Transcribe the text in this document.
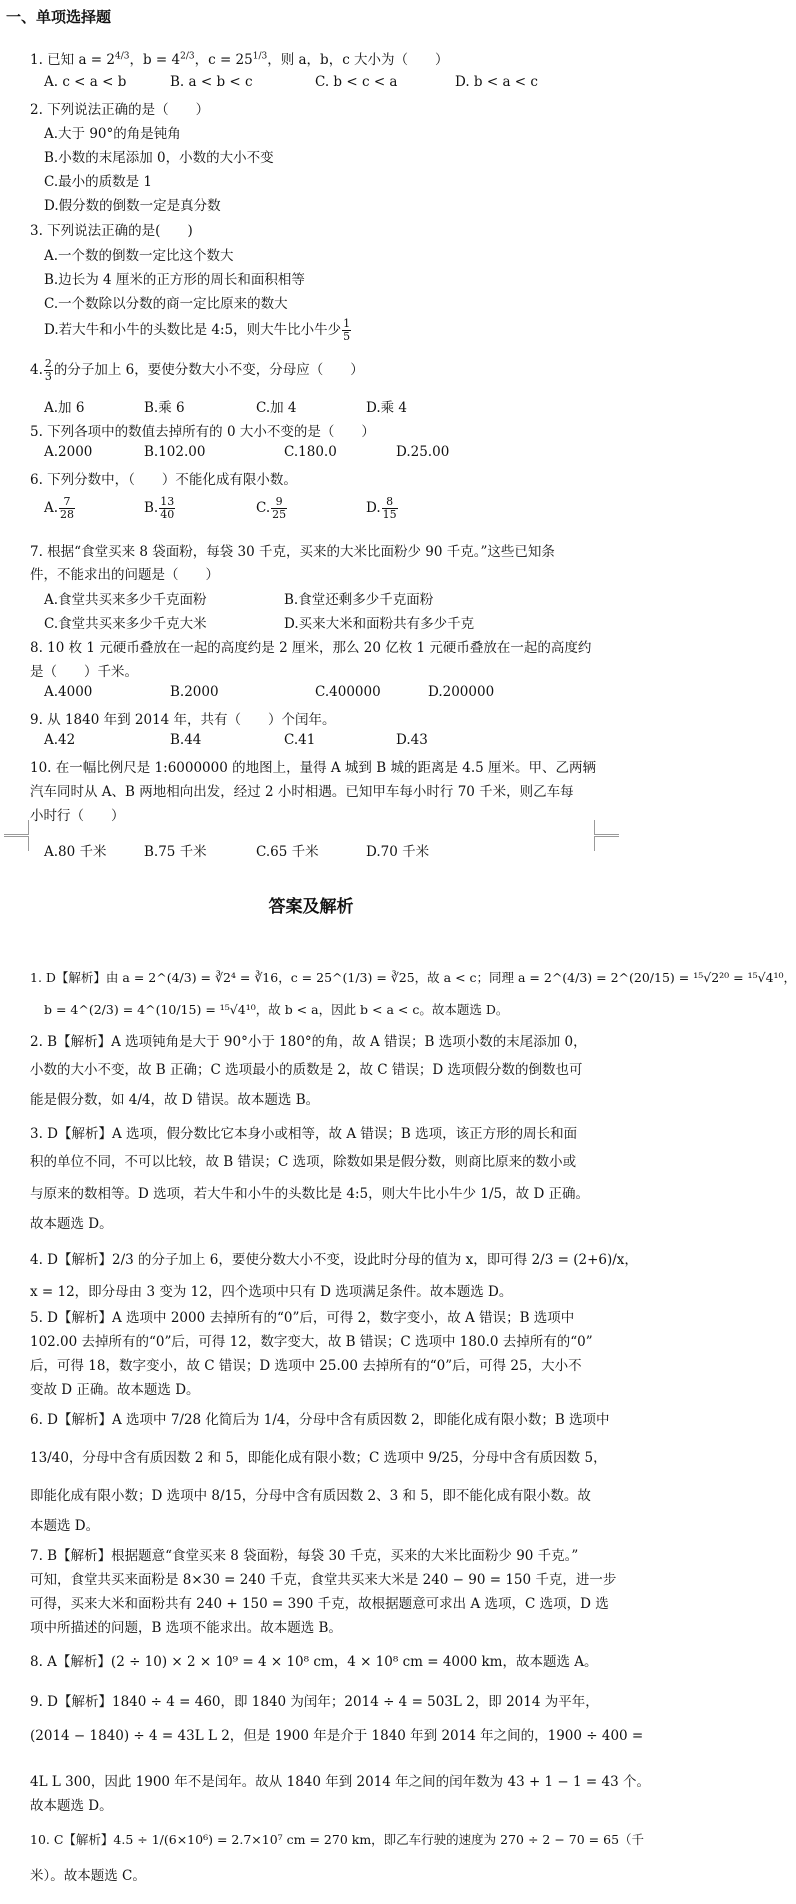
一、单项选择题
1. 已知 $a = 2^{4/3}$，$b = 4^{2/3}$，$c = 25^{1/3}$，则 a，b，c 大小为（　　）
A. c < a < b	B. a < b < c	C. b < c < a	D. b < a < c
2. 下列说法正确的是（　　）
A.大于 90°的角是钝角
B.小数的末尾添加 0，小数的大小不变
C.最小的质数是 1
D.假分数的倒数一定是真分数
3. 下列说法正确的是(　　)
A.一个数的倒数一定比这个数大
B.边长为 4 厘米的正方形的周长和面积相等
C.一个数除以分数的商一定比原来的数大
D.若大牛和小牛的头数比是 4:5，则大牛比小牛少 $\frac{1}{5}$
4. $\frac{2}{3}$ 的分子加上 6，要使分数大小不变，分母应（　　）
A.加 6	B.乘 6	C.加 4	D.乘 4
5. 下列各项中的数值去掉所有的 0 大小不变的是（　　）
A.2000	B.102.00	C.180.0	D.25.00
6. 下列分数中，（　　）不能化成有限小数。
A. $\frac{7}{28}$	B. $\frac{13}{40}$	C. $\frac{9}{25}$	D. $\frac{8}{15}$
7. 根据“食堂买来 8 袋面粉，每袋 30 千克，买来的大米比面粉少 90 千克。”这些已知条
件，不能求出的问题是（　　）
A.食堂共买来多少千克面粉	B.食堂还剩多少千克面粉
C.食堂共买来多少千克大米	D.买来大米和面粉共有多少千克
8. 10 枚 1 元硬币叠放在一起的高度约是 2 厘米，那么 20 亿枚 1 元硬币叠放在一起的高度约
是（　　）千米。
A.4000	B.2000	C.400000	D.200000
9. 从 1840 年到 2014 年，共有（　　）个闰年。
A.42	B.44	C.41	D.43
10. 在一幅比例尺是 1:6000000 的地图上，量得 A 城到 B 城的距离是 4.5 厘米。甲、乙两辆
汽车同时从 A、B 两地相向出发，经过 2 小时相遇。已知甲车每小时行 70 千米，则乙车每
小时行（　　）
A.80 千米	B.75 千米	C.65 千米	D.70 千米
答案及解析
1. D【解析】由 a = 2^(4/3) = ∛2⁴ = ∛16，c = 25^(1/3) = ∛25，故 a < c；同理 a = 2^(4/3) = 2^(20/15) = ¹⁵√2²⁰ = ¹⁵√4¹⁰，
b = 4^(2/3) = 4^(10/15) = ¹⁵√4¹⁰，故 b < a，因此 b < a < c。故本题选 D。
2. B【解析】A 选项钝角是大于 90°小于 180°的角，故 A 错误；B 选项小数的末尾添加 0，
小数的大小不变，故 B 正确；C 选项最小的质数是 2，故 C 错误；D 选项假分数的倒数也可
能是假分数，如 4/4，故 D 错误。故本题选 B。
3. D【解析】A 选项，假分数比它本身小或相等，故 A 错误；B 选项，该正方形的周长和面
积的单位不同，不可以比较，故 B 错误；C 选项，除数如果是假分数，则商比原来的数小或
与原来的数相等。D 选项，若大牛和小牛的头数比是 4:5，则大牛比小牛少 1/5，故 D 正确。
故本题选 D。
4. D【解析】2/3 的分子加上 6，要使分数大小不变，设此时分母的值为 x，即可得 2/3 = (2+6)/x，
x = 12，即分母由 3 变为 12，四个选项中只有 D 选项满足条件。故本题选 D。
5. D【解析】A 选项中 2000 去掉所有的“0”后，可得 2，数字变小，故 A 错误；B 选项中
102.00 去掉所有的“0”后，可得 12，数字变大，故 B 错误；C 选项中 180.0 去掉所有的“0”
后，可得 18，数字变小，故 C 错误；D 选项中 25.00 去掉所有的“0”后，可得 25，大小不
变故 D 正确。故本题选 D。
6. D【解析】A 选项中 7/28 化简后为 1/4，分母中含有质因数 2，即能化成有限小数；B 选项中
13/40，分母中含有质因数 2 和 5，即能化成有限小数；C 选项中 9/25，分母中含有质因数 5，
即能化成有限小数；D 选项中 8/15，分母中含有质因数 2、3 和 5，即不能化成有限小数。故
本题选 D。
7. B【解析】根据题意“食堂买来 8 袋面粉，每袋 30 千克，买来的大米比面粉少 90 千克。”
可知，食堂共买来面粉是 8×30 = 240 千克，食堂共买来大米是 240 − 90 = 150 千克，进一步
可得，买来大米和面粉共有 240 + 150 = 390 千克，故根据题意可求出 A 选项，C 选项，D 选
项中所描述的问题，B 选项不能求出。故本题选 B。
8. A【解析】(2 ÷ 10) × 2 × 10⁹ = 4 × 10⁸ cm，4 × 10⁸ cm = 4000 km，故本题选 A。
9. D【解析】1840 ÷ 4 = 460，即 1840 为闰年；2014 ÷ 4 = 503L 2，即 2014 为平年，
(2014 − 1840) ÷ 4 = 43L L 2，但是 1900 年是介于 1840 年到 2014 年之间的，1900 ÷ 400 =
4L L 300，因此 1900 年不是闰年。故从 1840 年到 2014 年之间的闰年数为 43 + 1 − 1 = 43 个。
故本题选 D。
10. C【解析】4.5 ÷ 1/(6×10⁶) = 2.7×10⁷ cm = 270 km，即乙车行驶的速度为 270 ÷ 2 − 70 = 65（千
米）。故本题选 C。
